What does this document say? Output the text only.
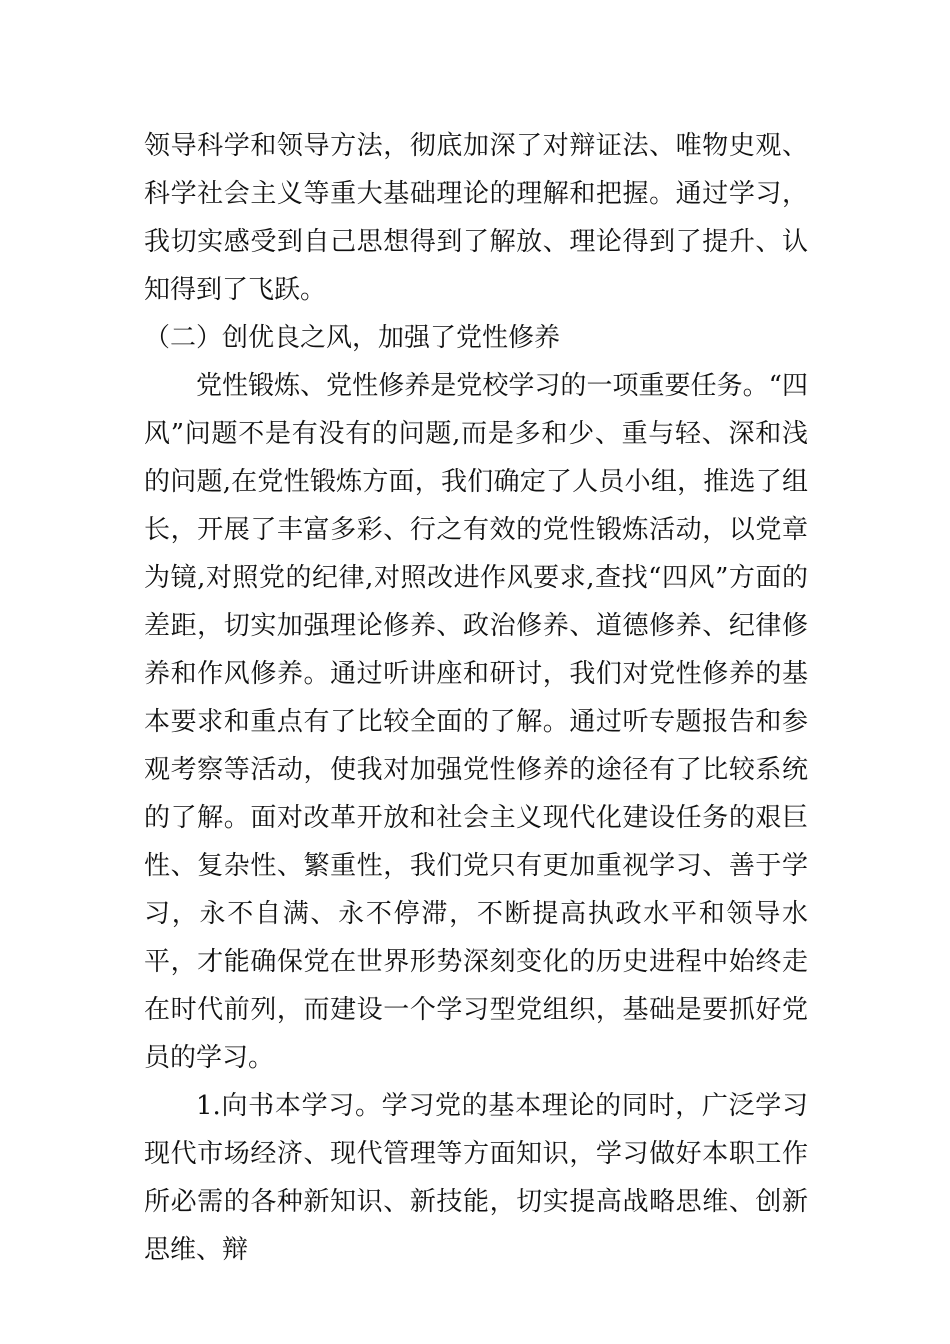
领导科学和领导方法，彻底加深了对辩证法、唯物史观、科学社会主义等重大基础理论的理解和把握。通过学习，我切实感受到自己思想得到了解放、理论得到了提升、认知得到了飞跃。

（二）创优良之风，加强了党性修养

党性锻炼、党性修养是党校学习的一项重要任务。“四风”问题不是有没有的问题,而是多和少、重与轻、深和浅的问题,在党性锻炼方面，我们确定了人员小组，推选了组长，开展了丰富多彩、行之有效的党性锻炼活动，以党章为镜,对照党的纪律,对照改进作风要求,查找“四风”方面的差距，切实加强理论修养、政治修养、道德修养、纪律修养和作风修养。通过听讲座和研讨，我们对党性修养的基本要求和重点有了比较全面的了解。通过听专题报告和参观考察等活动，使我对加强党性修养的途径有了比较系统的了解。面对改革开放和社会主义现代化建设任务的艰巨性、复杂性、繁重性，我们党只有更加重视学习、善于学习，永不自满、永不停滞，不断提高执政水平和领导水平，才能确保党在世界形势深刻变化的历史进程中始终走在时代前列，而建设一个学习型党组织，基础是要抓好党员的学习。

1.向书本学习。学习党的基本理论的同时，广泛学习现代市场经济、现代管理等方面知识，学习做好本职工作所必需的各种新知识、新技能，切实提高战略思维、创新思维、辩
